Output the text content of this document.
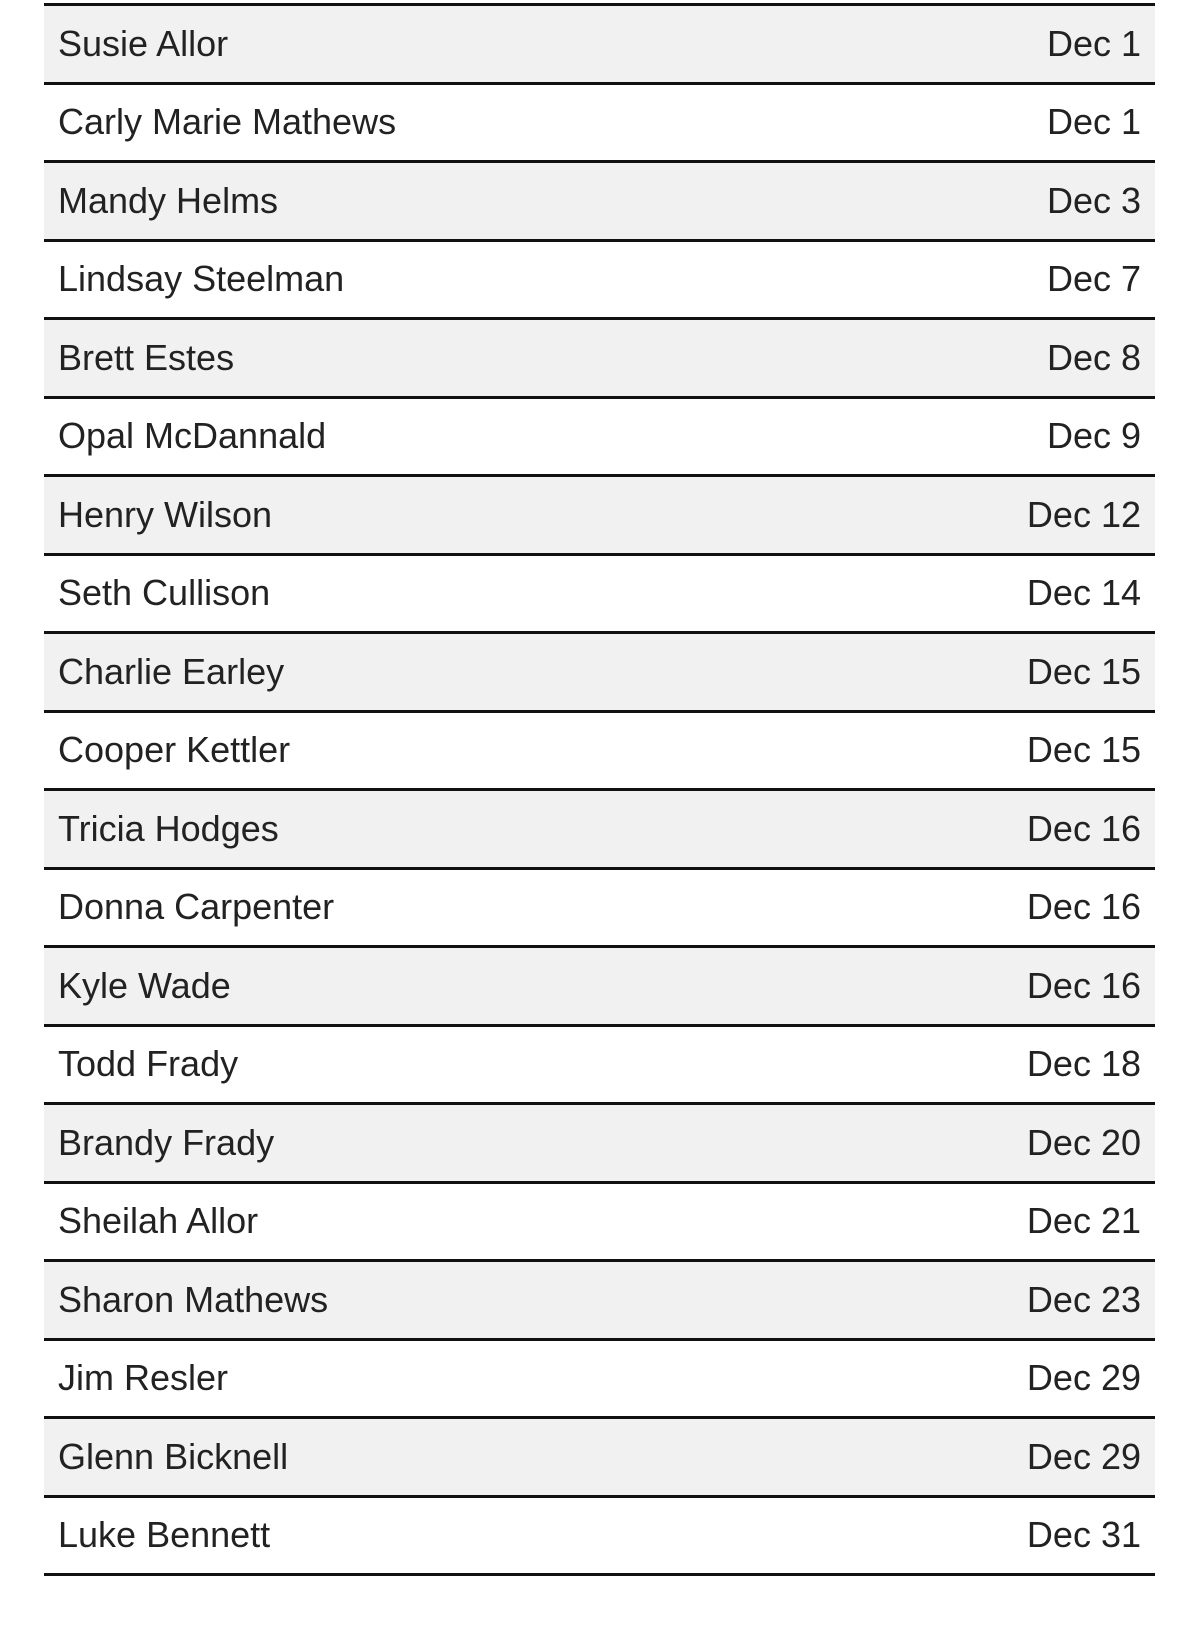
Susie Allor	Dec 1
Carly Marie Mathews	Dec 1
Mandy Helms	Dec 3
Lindsay Steelman	Dec 7
Brett Estes	Dec 8
Opal McDannald	Dec 9
Henry Wilson	Dec 12
Seth Cullison	Dec 14
Charlie Earley	Dec 15
Cooper Kettler	Dec 15
Tricia Hodges	Dec 16
Donna Carpenter	Dec 16
Kyle Wade	Dec 16
Todd Frady	Dec 18
Brandy Frady	Dec 20
Sheilah Allor	Dec 21
Sharon Mathews	Dec 23
Jim Resler	Dec 29
Glenn Bicknell	Dec 29
Luke Bennett	Dec 31
